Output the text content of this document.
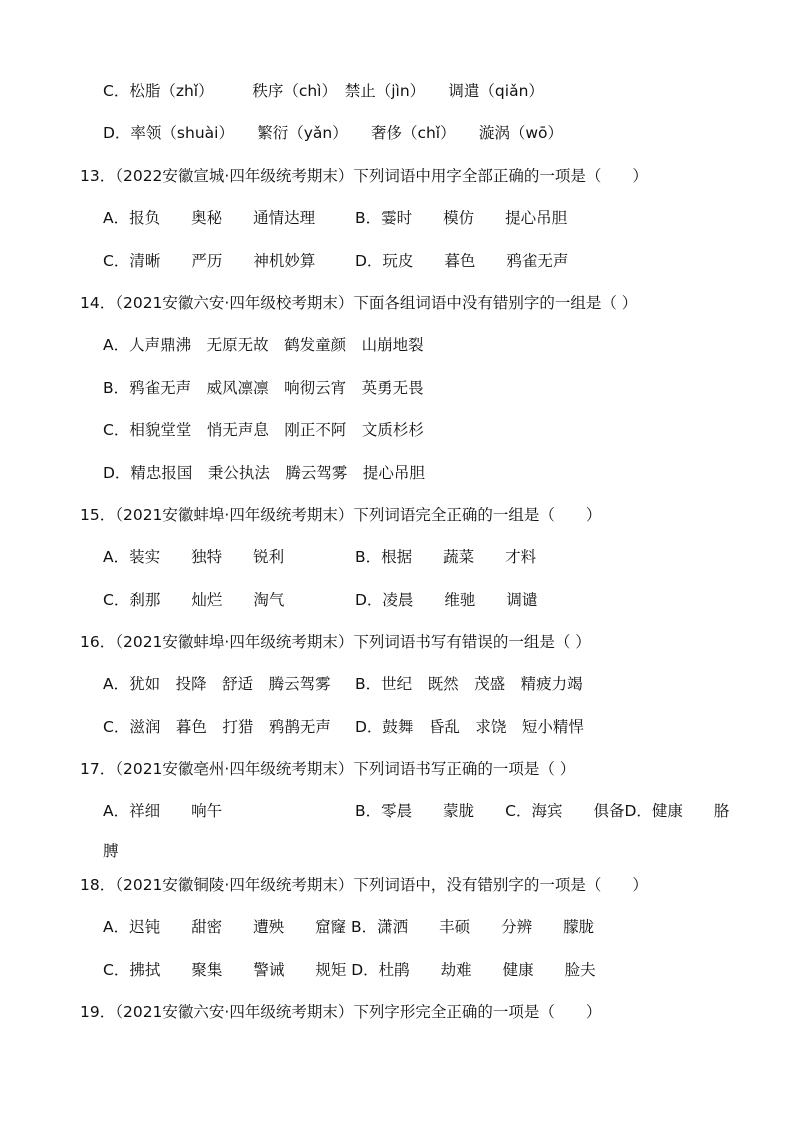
C．松脂（zhǐ）　　　秩序（chì）　禁止（jìn）　　调遣（qiǎn）
D．率领（shuài）　　繁衍（yǎn）　　奢侈（chǐ）　　漩涡（wō）
13．（2022安徽宣城·四年级统考期末）下列词语中用字全部正确的一项是（　　）
A．报负　　奥秘　　通情达理	B．霎时　　模仿　　提心吊胆
C．清晰　　严历　　神机妙算	D．玩皮　　暮色　　鸦雀无声
14．（2021安徽六安·四年级校考期末）下面各组词语中没有错别字的一组是（ ）
A．人声鼎沸　无原无故　鹤发童颜　山崩地裂
B．鸦雀无声　威风凛凛　响彻云宵　英勇无畏
C．相貌堂堂　悄无声息　刚正不阿　文质杉杉
D．精忠报国　秉公执法　腾云驾雾　提心吊胆
15．（2021安徽蚌埠·四年级统考期末）下列词语完全正确的一组是（　　）
A．装实　　独特　　锐利	B．根据　　蔬菜　　才料
C．刹那　　灿烂　　淘气	D．凌晨　　维驰　　调谴
16．（2021安徽蚌埠·四年级统考期末）下列词语书写有错误的一组是（ ）
A．犹如　投降　舒适　腾云驾雾 B．世纪　既然　茂盛　精疲力竭
C．滋润　暮色　打猎　鸦鹊无声 D．鼓舞　昏乱　求饶　短小精悍
17．（2021安徽亳州·四年级统考期末）下列词语书写正确的一项是（ ）
A．祥细　　响午	B．零晨　　蒙胧　　C．海宾　　俱备D．健康　　胳
膊
18．（2021安徽铜陵·四年级统考期末）下列词语中，没有错别字的一项是（　　）
A．迟钝　　甜密　　遭殃　　窟窿 B．潇洒　　丰硕　　分辨　　朦胧
C．拂拭　　聚集　　警诫　　规矩 D．杜鹃　　劫难　　健康　　脸夫
19．（2021安徽六安·四年级统考期末）下列字形完全正确的一项是（　　）
